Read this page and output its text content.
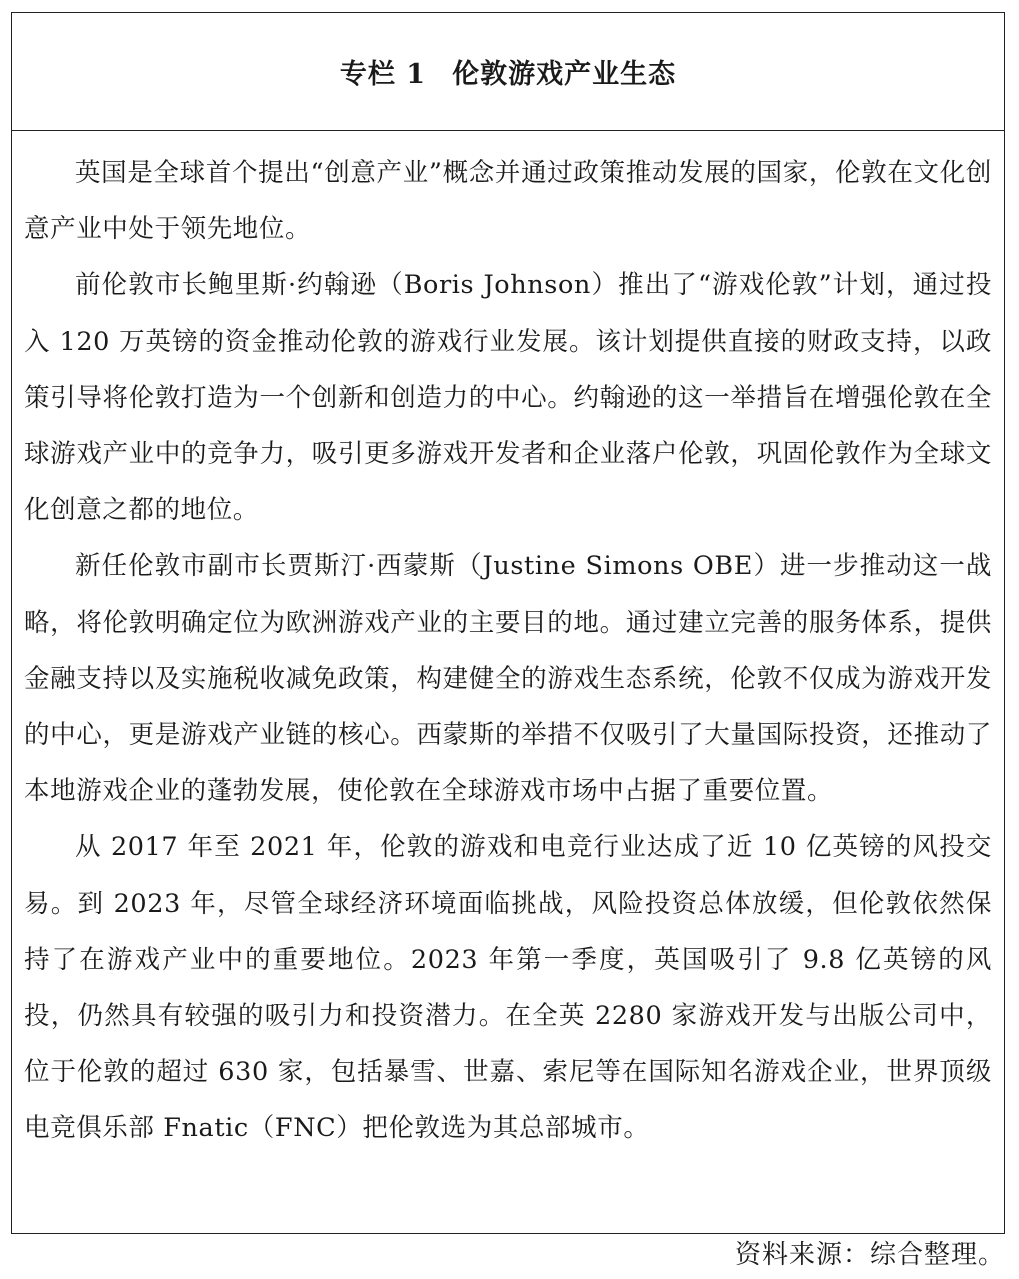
专栏 1 伦敦游戏产业生态

英国是全球首个提出“创意产业”概念并通过政策推动发展的国家，伦敦在文化创意产业中处于领先地位。

前伦敦市长鲍里斯·约翰逊（Boris Johnson）推出了“游戏伦敦”计划，通过投入 120 万英镑的资金推动伦敦的游戏行业发展。该计划提供直接的财政支持，以政策引导将伦敦打造为一个创新和创造力的中心。约翰逊的这一举措旨在增强伦敦在全球游戏产业中的竞争力，吸引更多游戏开发者和企业落户伦敦，巩固伦敦作为全球文化创意之都的地位。

新任伦敦市副市长贾斯汀·西蒙斯（Justine Simons OBE）进一步推动这一战略，将伦敦明确定位为欧洲游戏产业的主要目的地。通过建立完善的服务体系，提供金融支持以及实施税收减免政策，构建健全的游戏生态系统，伦敦不仅成为游戏开发的中心，更是游戏产业链的核心。西蒙斯的举措不仅吸引了大量国际投资，还推动了本地游戏企业的蓬勃发展，使伦敦在全球游戏市场中占据了重要位置。

从 2017 年至 2021 年，伦敦的游戏和电竞行业达成了近 10 亿英镑的风投交易。到 2023 年，尽管全球经济环境面临挑战，风险投资总体放缓，但伦敦依然保持了在游戏产业中的重要地位。2023 年第一季度，英国吸引了 9.8 亿英镑的风投，仍然具有较强的吸引力和投资潜力。在全英 2280 家游戏开发与出版公司中，位于伦敦的超过 630 家，包括暴雪、世嘉、索尼等在国际知名游戏企业，世界顶级电竞俱乐部 Fnatic（FNC）把伦敦选为其总部城市。

资料来源：综合整理。
